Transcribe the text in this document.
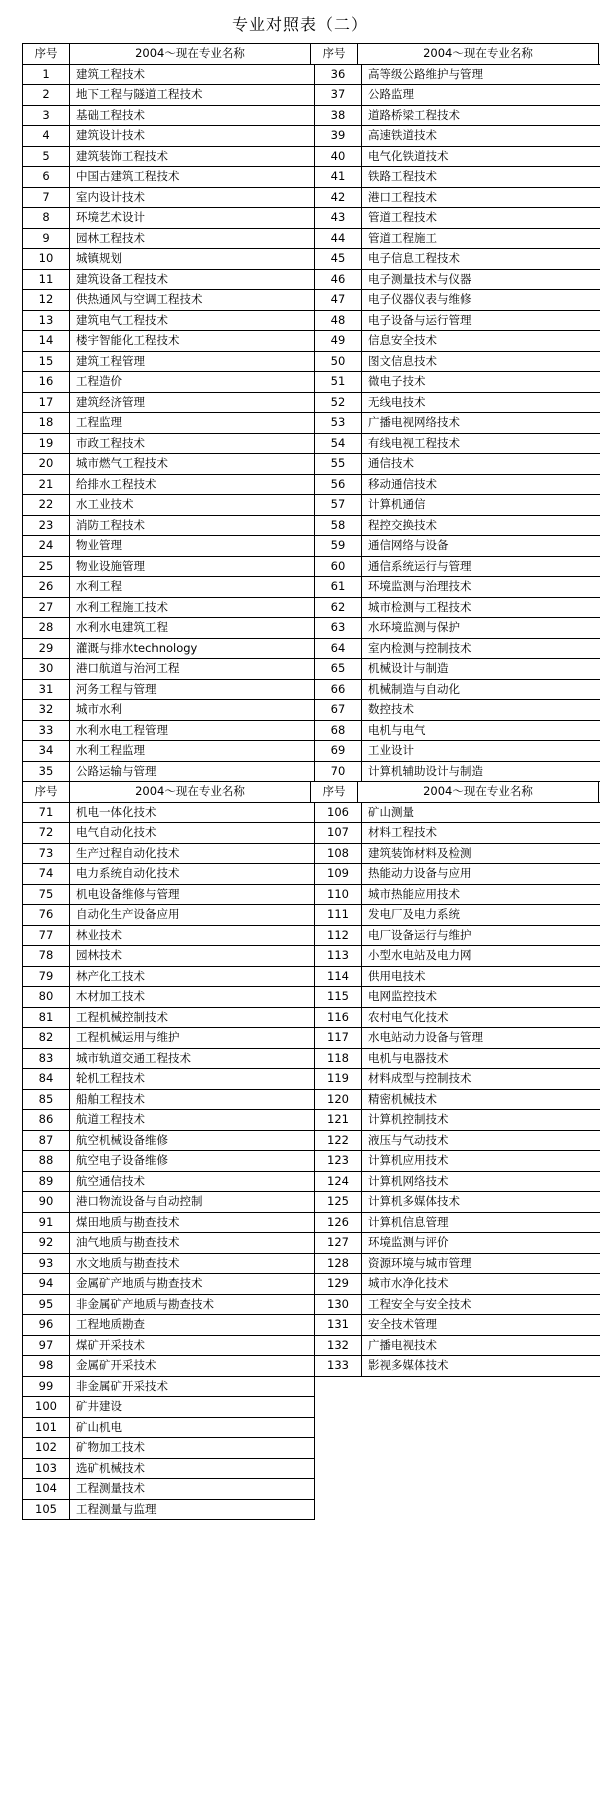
专业对照表（二）
序号	2004～现在专业名称	序号	2004～现在专业名称
1	建筑工程技术	36	高等级公路维护与管理
2	地下工程与隧道工程技术	37	公路监理
3	基础工程技术	38	道路桥梁工程技术
4	建筑设计技术	39	高速铁道技术
5	建筑装饰工程技术	40	电气化铁道技术
6	中国古建筑工程技术	41	铁路工程技术
7	室内设计技术	42	港口工程技术
8	环境艺术设计	43	管道工程技术
9	园林工程技术	44	管道工程施工
10	城镇规划	45	电子信息工程技术
11	建筑设备工程技术	46	电子测量技术与仪器
12	供热通风与空调工程技术	47	电子仪器仪表与维修
13	建筑电气工程技术	48	电子设备与运行管理
14	楼宇智能化工程技术	49	信息安全技术
15	建筑工程管理	50	图文信息技术
16	工程造价	51	微电子技术
17	建筑经济管理	52	无线电技术
18	工程监理	53	广播电视网络技术
19	市政工程技术	54	有线电视工程技术
20	城市燃气工程技术	55	通信技术
21	给排水工程技术	56	移动通信技术
22	水工业技术	57	计算机通信
23	消防工程技术	58	程控交换技术
24	物业管理	59	通信网络与设备
25	物业设施管理	60	通信系统运行与管理
26	水利工程	61	环境监测与治理技术
27	水利工程施工技术	62	城市检测与工程技术
28	水利水电建筑工程	63	水环境监测与保护
29	灌溉与排水technology	64	室内检测与控制技术
30	港口航道与治河工程	65	机械设计与制造
31	河务工程与管理	66	机械制造与自动化
32	城市水利	67	数控技术
33	水利水电工程管理	68	电机与电气
34	水利工程监理	69	工业设计
35	公路运输与管理	70	计算机辅助设计与制造
序号	2004～现在专业名称	序号	2004～现在专业名称
71	机电一体化技术	106	矿山测量
72	电气自动化技术	107	材料工程技术
73	生产过程自动化技术	108	建筑装饰材料及检测
74	电力系统自动化技术	109	热能动力设备与应用
75	机电设备维修与管理	110	城市热能应用技术
76	自动化生产设备应用	111	发电厂及电力系统
77	林业技术	112	电厂设备运行与维护
78	园林技术	113	小型水电站及电力网
79	林产化工技术	114	供用电技术
80	木材加工技术	115	电网监控技术
81	工程机械控制技术	116	农村电气化技术
82	工程机械运用与维护	117	水电站动力设备与管理
83	城市轨道交通工程技术	118	电机与电器技术
84	轮机工程技术	119	材料成型与控制技术
85	船舶工程技术	120	精密机械技术
86	航道工程技术	121	计算机控制技术
87	航空机械设备维修	122	液压与气动技术
88	航空电子设备维修	123	计算机应用技术
89	航空通信技术	124	计算机网络技术
90	港口物流设备与自动控制	125	计算机多媒体技术
91	煤田地质与勘查技术	126	计算机信息管理
92	油气地质与勘查技术	127	环境监测与评价
93	水文地质与勘查技术	128	资源环境与城市管理
94	金属矿产地质与勘查技术	129	城市水净化技术
95	非金属矿产地质与勘查技术	130	工程安全与安全技术
96	工程地质勘查	131	安全技术管理
97	煤矿开采技术	132	广播电视技术
98	金属矿开采技术	133	影视多媒体技术
99	非金属矿开采技术		
100	矿井建设		
101	矿山机电		
102	矿物加工技术		
103	选矿机械技术		
104	工程测量技术		
105	工程测量与监理		
